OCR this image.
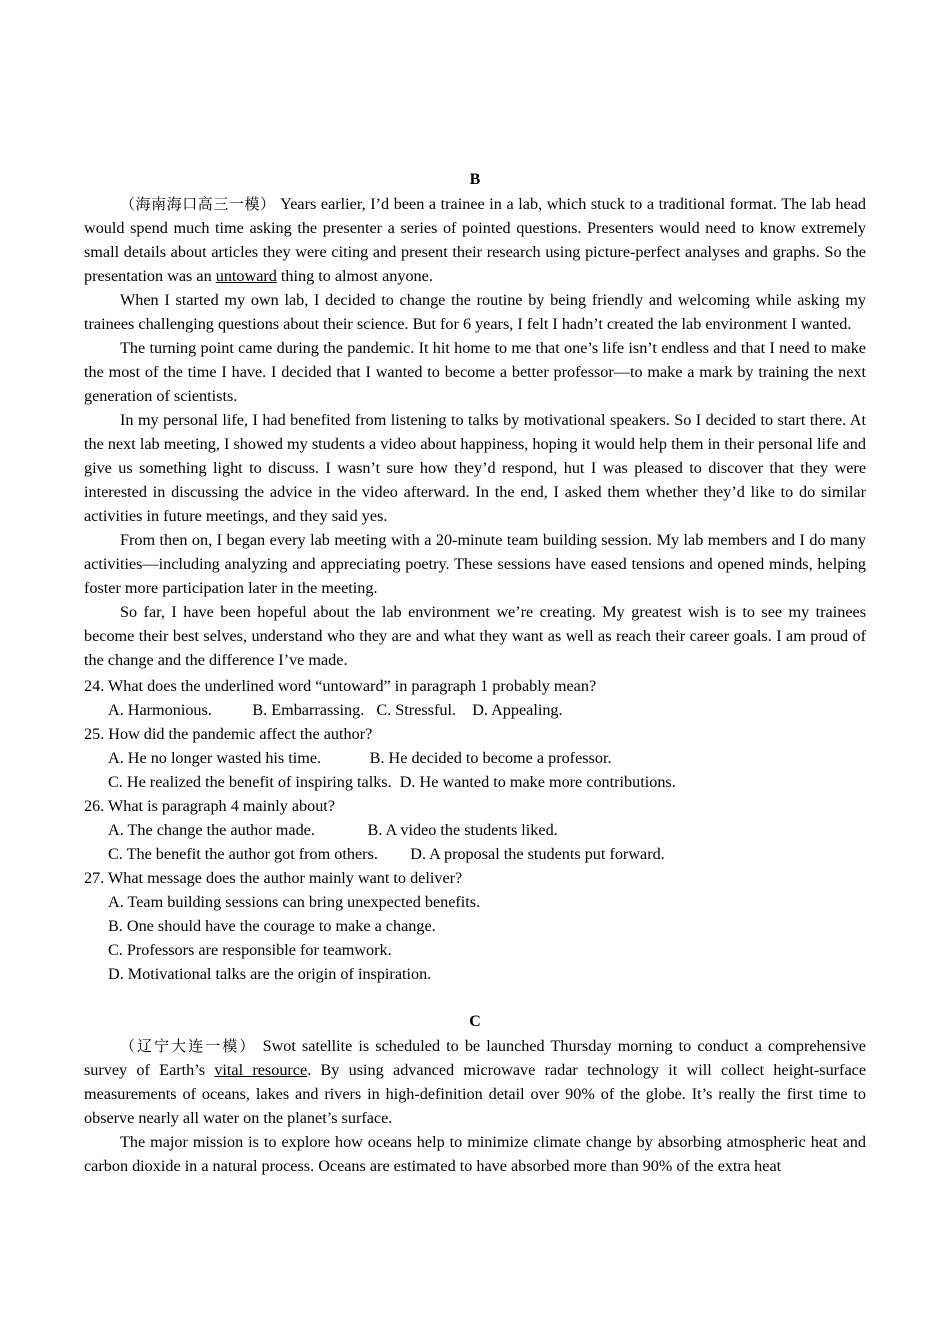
B

（海南海口高三一模） Years earlier, I’d been a trainee in a lab, which stuck to a traditional format. The lab head would spend much time asking the presenter a series of pointed questions. Presenters would need to know extremely small details about articles they were citing and present their research using picture-perfect analyses and graphs. So the presentation was an untoward thing to almost anyone.

When I started my own lab, I decided to change the routine by being friendly and welcoming while asking my trainees challenging questions about their science. But for 6 years, I felt I hadn’t created the lab environment I wanted.

The turning point came during the pandemic. It hit home to me that one’s life isn’t endless and that I need to make the most of the time I have. I decided that I wanted to become a better professor—to make a mark by training the next generation of scientists.

In my personal life, I had benefited from listening to talks by motivational speakers. So I decided to start there. At the next lab meeting, I showed my students a video about happiness, hoping it would help them in their personal life and give us something light to discuss. I wasn’t sure how they’d respond, hut I was pleased to discover that they were interested in discussing the advice in the video afterward. In the end, I asked them whether they’d like to do similar activities in future meetings, and they said yes.

From then on, I began every lab meeting with a 20-minute team building session. My lab members and I do many activities—including analyzing and appreciating poetry. These sessions have eased tensions and opened minds, helping foster more participation later in the meeting.

So far, I have been hopeful about the lab environment we’re creating. My greatest wish is to see my trainees become their best selves, understand who they are and what they want as well as reach their career goals. I am proud of the change and the difference I’ve made.

24. What does the underlined word “untoward” in paragraph 1 probably mean?

A. Harmonious.          B. Embarrassing.   C. Stressful.    D. Appealing.

25. How did the pandemic affect the author?

A. He no longer wasted his time.            B. He decided to become a professor.

C. He realized the benefit of inspiring talks.  D. He wanted to make more contributions.

26. What is paragraph 4 mainly about?

A. The change the author made.             B. A video the students liked.

C. The benefit the author got from others.        D. A proposal the students put forward.

27. What message does the author mainly want to deliver?

A. Team building sessions can bring unexpected benefits.

B. One should have the courage to make a change.

C. Professors are responsible for teamwork.

D. Motivational talks are the origin of inspiration.

C

（辽宁大连一模） Swot satellite is scheduled to be launched Thursday morning to conduct a comprehensive survey of Earth’s vital resource. By using advanced microwave radar technology it will collect height-surface measurements of oceans, lakes and rivers in high-definition detail over 90% of the globe. It’s really the first time to observe nearly all water on the planet’s surface.

The major mission is to explore how oceans help to minimize climate change by absorbing atmospheric heat and carbon dioxide in a natural process. Oceans are estimated to have absorbed more than 90% of the extra heat
